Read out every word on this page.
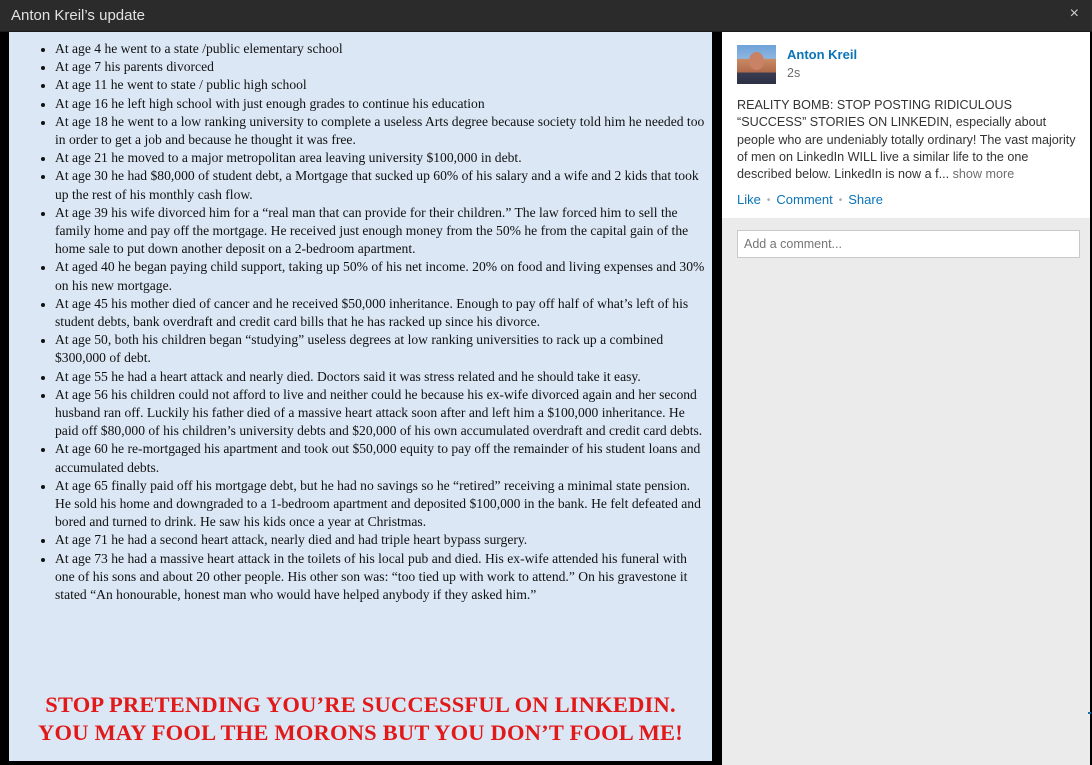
Anton Kreil’s update	×
• At age 4 he went to a state /public elementary school
• At age 7 his parents divorced
• At age 11 he went to state / public high school
• At age 16 he left high school with just enough grades to continue his education
• At age 18 he went to a low ranking university to complete a useless Arts degree because society told him he needed too in order to get a job and because he thought it was free.
• At age 21 he moved to a major metropolitan area leaving university $100,000 in debt.
• At age 30 he had $80,000 of student debt, a Mortgage that sucked up 60% of his salary and a wife and 2 kids that took up the rest of his monthly cash flow.
• At age 39 his wife divorced him for a “real man that can provide for their children.” The law forced him to sell the family home and pay off the mortgage. He received just enough money from the 50% he from the capital gain of the home sale to put down another deposit on a 2-bedroom apartment.
• At aged 40 he began paying child support, taking up 50% of his net income. 20% on food and living expenses and 30% on his new mortgage.
• At age 45 his mother died of cancer and he received $50,000 inheritance. Enough to pay off half of what’s left of his student debts, bank overdraft and credit card bills that he has racked up since his divorce.
• At age 50, both his children began “studying” useless degrees at low ranking universities to rack up a combined $300,000 of debt.
• At age 55 he had a heart attack and nearly died. Doctors said it was stress related and he should take it easy.
• At age 56 his children could not afford to live and neither could he because his ex-wife divorced again and her second husband ran off. Luckily his father died of a massive heart attack soon after and left him a $100,000 inheritance. He paid off $80,000 of his children’s university debts and $20,000 of his own accumulated overdraft and credit card debts.
• At age 60 he re-mortgaged his apartment and took out $50,000 equity to pay off the remainder of his student loans and accumulated debts.
• At age 65 finally paid off his mortgage debt, but he had no savings so he “retired” receiving a minimal state pension. He sold his home and downgraded to a 1-bedroom apartment and deposited $100,000 in the bank. He felt defeated and bored and turned to drink. He saw his kids once a year at Christmas.
• At age 71 he had a second heart attack, nearly died and had triple heart bypass surgery.
• At age 73 he had a massive heart attack in the toilets of his local pub and died. His ex-wife attended his funeral with one of his sons and about 20 other people. His other son was: “too tied up with work to attend.” On his gravestone it stated “An honourable, honest man who would have helped anybody if they asked him.”
STOP PRETENDING YOU’RE SUCCESSFUL ON LINKEDIN.
YOU MAY FOOL THE MORONS BUT YOU DON’T FOOL ME!
Anton Kreil
2s
REALITY BOMB: STOP POSTING RIDICULOUS “SUCCESS” STORIES ON LINKEDIN, especially about people who are undeniably totally ordinary! The vast majority of men on LinkedIn WILL live a similar life to the one described below. LinkedIn is now a f... show more
Like • Comment • Share
Add a comment...
